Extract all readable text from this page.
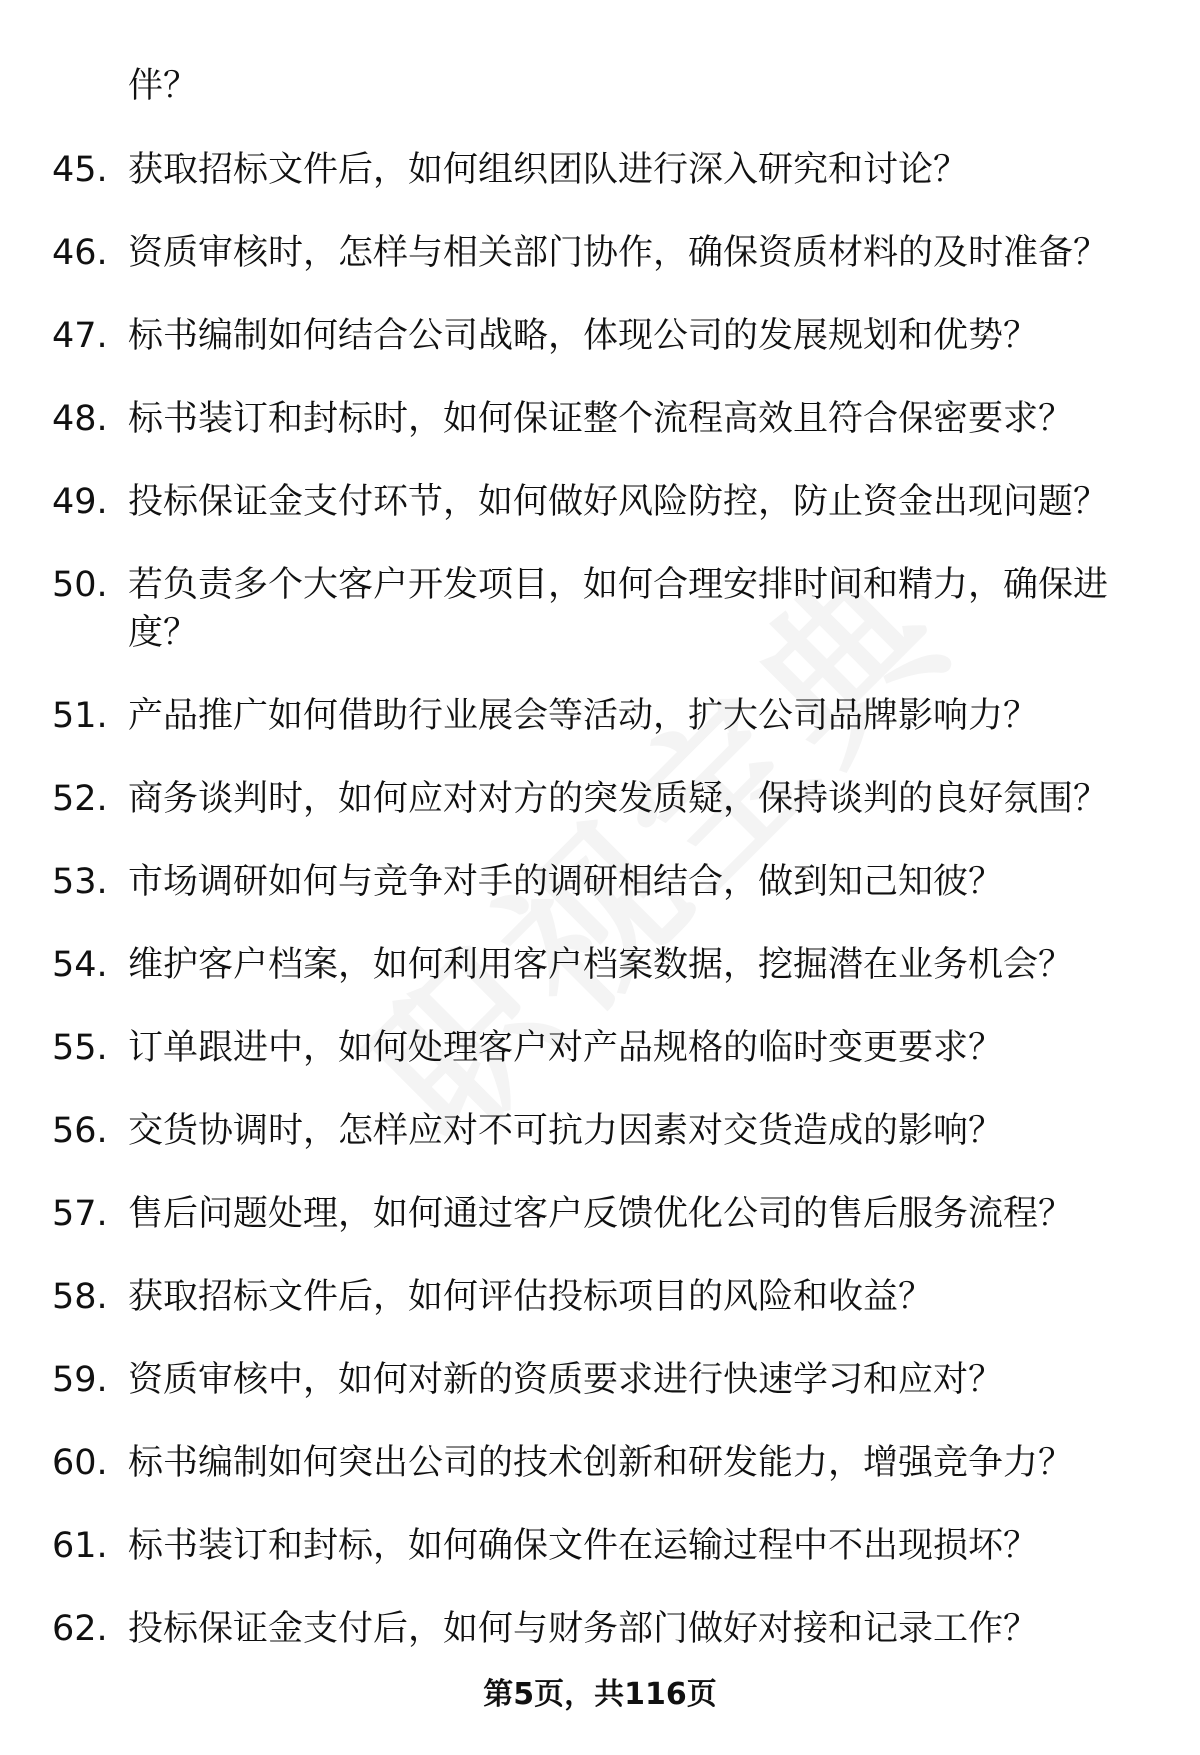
伴？
45. 获取招标文件后，如何组织团队进行深入研究和讨论？
46. 资质审核时，怎样与相关部门协作，确保资质材料的及时准备？
47. 标书编制如何结合公司战略，体现公司的发展规划和优势？
48. 标书装订和封标时，如何保证整个流程高效且符合保密要求？
49. 投标保证金支付环节，如何做好风险防控，防止资金出现问题？
50. 若负责多个大客户开发项目，如何合理安排时间和精力，确保进度？
51. 产品推广如何借助行业展会等活动，扩大公司品牌影响力？
52. 商务谈判时，如何应对对方的突发质疑，保持谈判的良好氛围？
53. 市场调研如何与竞争对手的调研相结合，做到知己知彼？
54. 维护客户档案，如何利用客户档案数据，挖掘潜在业务机会？
55. 订单跟进中，如何处理客户对产品规格的临时变更要求？
56. 交货协调时，怎样应对不可抗力因素对交货造成的影响？
57. 售后问题处理，如何通过客户反馈优化公司的售后服务流程？
58. 获取招标文件后，如何评估投标项目的风险和收益？
59. 资质审核中，如何对新的资质要求进行快速学习和应对？
60. 标书编制如何突出公司的技术创新和研发能力，增强竞争力？
61. 标书装订和封标，如何确保文件在运输过程中不出现损坏？
62. 投标保证金支付后，如何与财务部门做好对接和记录工作？
第5页，共116页
